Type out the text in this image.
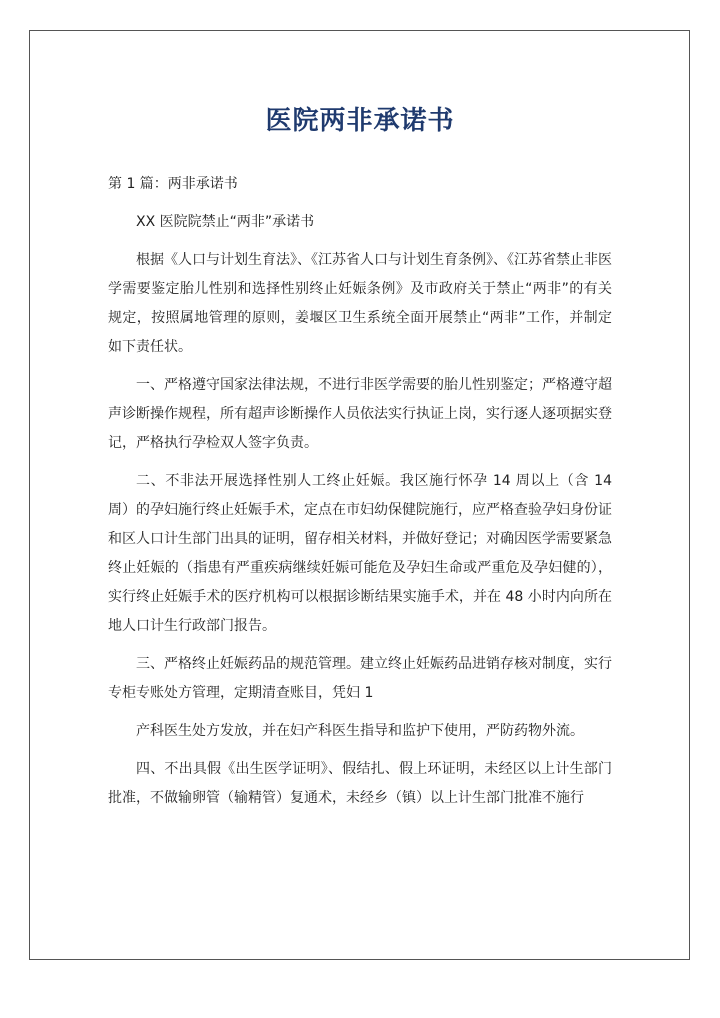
医院两非承诺书
第 1 篇：两非承诺书

XX 医院院禁止“两非”承诺书

根据《人口与计划生育法》、《江苏省人口与计划生育条例》、《江苏省禁止非医学需要鉴定胎儿性别和选择性别终止妊娠条例》及市政府关于禁止“两非”的有关规定，按照属地管理的原则，姜堰区卫生系统全面开展禁止“两非”工作，并制定如下责任状。

一、严格遵守国家法律法规，不进行非医学需要的胎儿性别鉴定；严格遵守超声诊断操作规程，所有超声诊断操作人员依法实行执证上岗，实行逐人逐项据实登记，严格执行孕检双人签字负责。

二、不非法开展选择性别人工终止妊娠。我区施行怀孕 14 周以上（含 14 周）的孕妇施行终止妊娠手术，定点在市妇幼保健院施行，应严格查验孕妇身份证和区人口计生部门出具的证明，留存相关材料，并做好登记；对确因医学需要紧急终止妊娠的（指患有严重疾病继续妊娠可能危及孕妇生命或严重危及孕妇健的），实行终止妊娠手术的医疗机构可以根据诊断结果实施手术，并在 48 小时内向所在地人口计生行政部门报告。

三、严格终止妊娠药品的规范管理。建立终止妊娠药品进销存核对制度，实行专柜专账处方管理，定期清查账目，凭妇 1

产科医生处方发放，并在妇产科医生指导和监护下使用，严防药物外流。

四、不出具假《出生医学证明》、假结扎、假上环证明，未经区以上计生部门批准，不做输卵管（输精管）复通术，未经乡（镇）以上计生部门批准不施行
